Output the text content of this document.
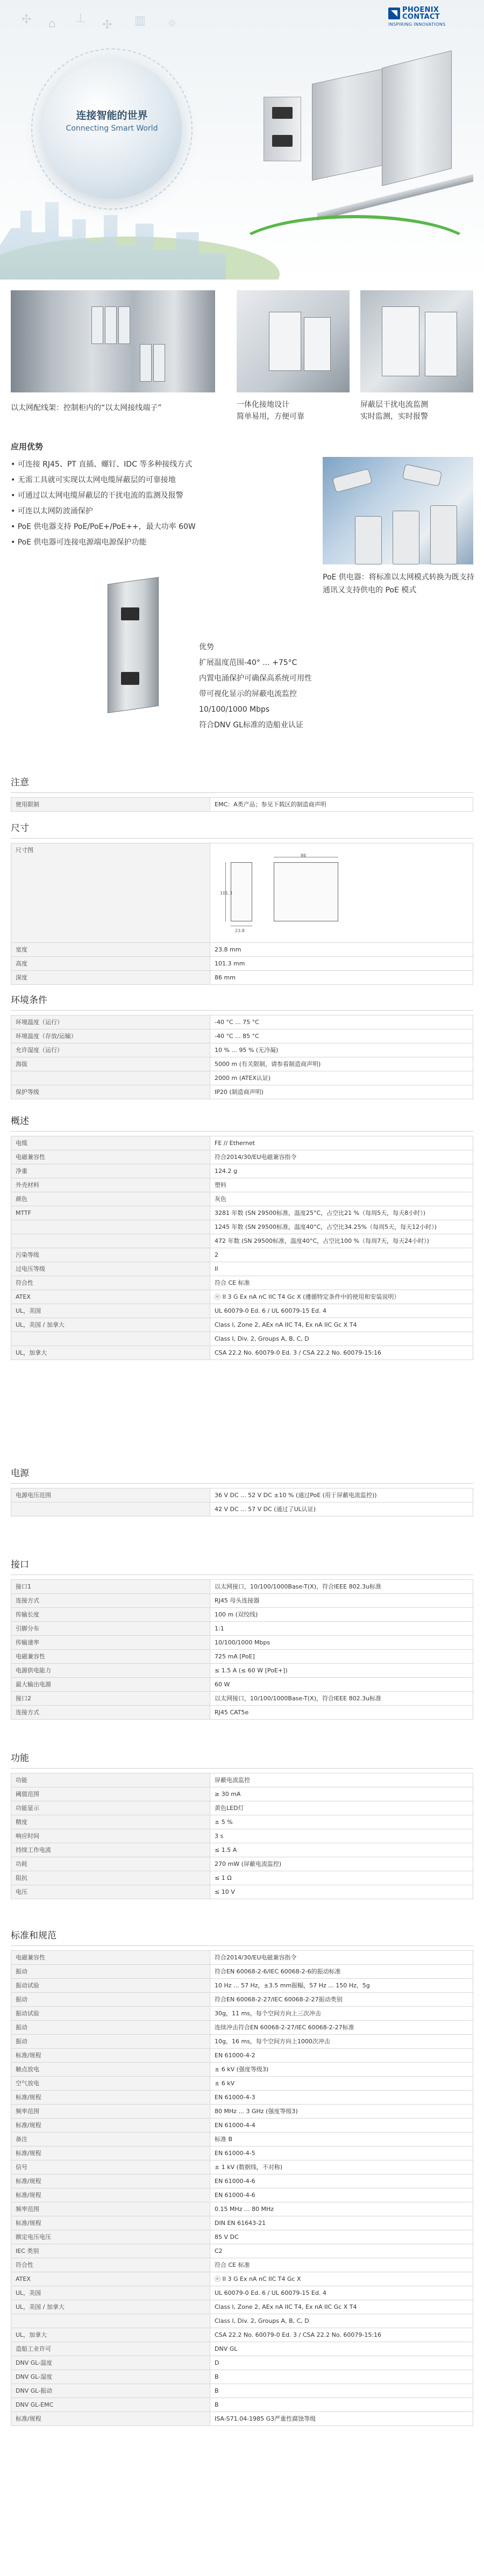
✣ ⌂ ⊥ ✣ ▥ ☼
连接智能的世界
Connecting Smart World
PHOENIX
CONTACT
INSPIRING INNOVATIONS
以太网配线架：控制柜内的“以太网接线端子”	一体化接地设计
简单易用，方便可靠
屏蔽层干扰电流监测
实时监测，实时报警
应用优势
• 可连接 RJ45、PT 直插、螺钉、IDC 等多种接线方式
• 无需工具就可实现以太网电缆屏蔽层的可靠接地
• 可通过以太网电缆屏蔽层的干扰电流的监测及报警
• 可连以太网防波涌保护
• PoE 供电器支持 PoE/PoE+/PoE++，最大功率 60W
• PoE 供电器可连接电源端电源保护功能
PoE 供电器：将标准以太网模式转换为既支持通讯又支持供电的 PoE 模式

优势

扩展温度范围-40° ... +75°C

内置电涌保护可确保高系统可用性

带可视化显示的屏蔽电流监控

10/100/1000 Mbps

符合DNV GL标准的造船业认证

注意
使用限制	EMC：A类产品；参见下载区的制造商声明
尺寸
尺寸图	101.3
86
23.8

宽度	23.8 mm
高度	101.3 mm
深度	86 mm
环境条件
环境温度（运行）	-40 °C ... 75 °C
环境温度（存放/运输）	-40 °C ... 85 °C
允许湿度（运行）	10 % ... 95 % (无冷凝)
海拔	5000 m (有关限制，请参看制造商声明)
	2000 m (ATEX认证)
保护等级	IP20 (制造商声明)
概述
电缆	FE // Ethernet
电磁兼容性	符合2014/30/EU电磁兼容指令
净重	124.2 g
外壳材料	塑料
颜色	灰色
MTTF	3281 年数 (SN 29500标准，温度25°C，占空比21 %（每周5天，每天8小时）)
	1245 年数 (SN 29500标准，温度40°C，占空比34.25%（每周5天，每天12小时）)
	472 年数 (SN 29500标准，温度40°C，占空比100 %（每周7天，每天24小时）)
污染等级	2
过电压等级	II
符合性	符合 CE 标准
ATEX	ⓔ II 3 G Ex nA nC IIC T4 Gc X (遵循特定条件中的使用和安装说明）
UL，美国	UL 60079-0 Ed. 6 / UL 60079-15 Ed. 4
UL，美国 / 加拿大	Class I, Zone 2, AEx nA IIC T4, Ex nA IIC Gc X T4
	Class I, Div. 2, Groups A, B, C, D
UL，加拿大	CSA 22.2 No. 60079-0 Ed. 3 / CSA 22.2 No. 60079-15:16
电源
电源电压范围	36 V DC ... 52 V DC ±10 % (通过PoE (用于屏蔽电流监控))
	42 V DC ... 57 V DC (通过了UL认证)
接口
接口1	以太网接口，10/100/1000Base-T(X)，符合IEEE 802.3u标准
连接方式	RJ45 母头连接器
传输长度	100 m (双绞线)
引脚分布	1:1
传输速率	10/100/1000 Mbps
电磁兼容性	725 mA [PoE]
电源供电能力	≤ 1.5 A (≤ 60 W [PoE+])
最大输出电源	60 W
接口2	以太网接口，10/100/1000Base-T(X)，符合IEEE 802.3u标准
连接方式	RJ45 CAT5e
功能
功能	屏蔽电流监控
阈值范围	≥ 30 mA
功能显示	黄色LED灯
精度	± 5 %
响应时间	3 s
持续工作电流	≤ 1.5 A
功耗	270 mW (屏蔽电流监控)
阻抗	≤ 1 Ω
电压	≤ 10 V
标准和规范
电磁兼容性	符合2014/30/EU电磁兼容指令
振动	符合EN 60068-2-6/IEC 60068-2-6的振动标准
振动试验	10 Hz ... 57 Hz，±3.5 mm振幅，57 Hz ... 150 Hz，5g
振动	符合EN 60068-2-27/IEC 60068-2-27振动类别
振动试验	30g，11 ms，每个空间方向上三次冲击
振动	连续冲击符合EN 60068-2-27/IEC 60068-2-27标准
振动	10g，16 ms，每个空间方向上1000次冲击
标准/规程	EN 61000-4-2
触点放电	± 6 kV (强度等级3)
空气放电	± 6 kV
标准/规程	EN 61000-4-3
频率范围	80 MHz ... 3 GHz (强度等级3)
标准/规程	EN 61000-4-4
备注	标准 B
标准/规程	EN 61000-4-5
信号	± 1 kV (数据线，不对称)
标准/规程	EN 61000-4-6
标准/规程	EN 61000-4-6
频率范围	0.15 MHz ... 80 MHz
标准/规程	DIN EN 61643-21
额定电压电压	85 V DC
IEC 类别	C2
符合性	符合 CE 标准
ATEX	ⓔ II 3 G Ex nA nC IIC T4 Gc X
UL，美国	UL 60079-0 Ed. 6 / UL 60079-15 Ed. 4
UL，美国 / 加拿大	Class I, Zone 2, AEx nA IIC T4, Ex nA IIC Gc X T4
	Class I, Div. 2, Groups A, B, C, D
UL，加拿大	CSA 22.2 No. 60079-0 Ed. 3 / CSA 22.2 No. 60079-15:16
造船工业许可	DNV GL
DNV GL-温度	D
DNV GL-湿度	B
DNV GL-振动	B
DNV GL-EMC	B
标准/规程	ISA-S71.04-1985 G3严重性腐蚀等级
